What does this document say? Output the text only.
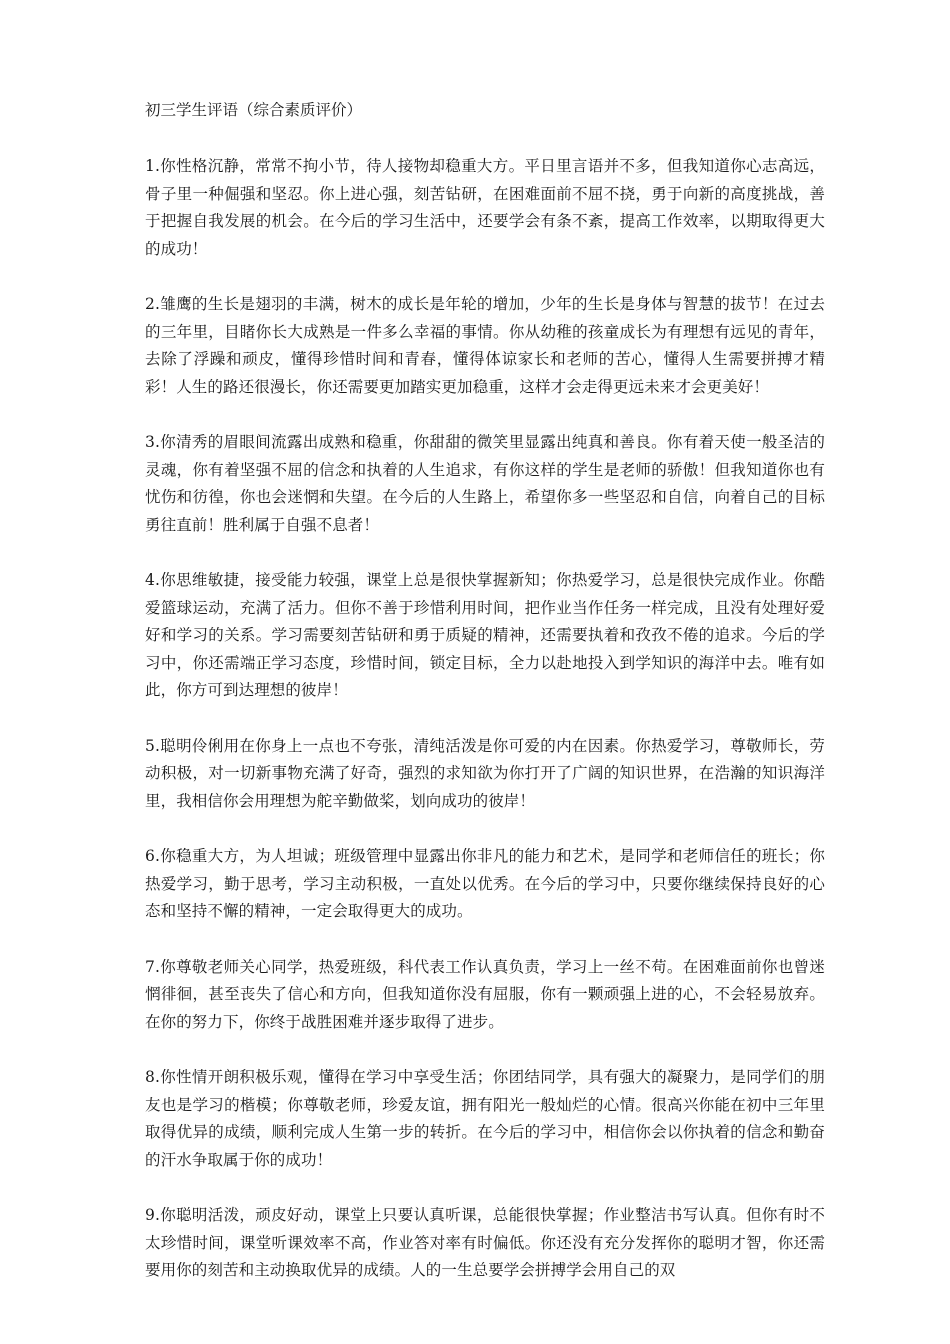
初三学生评语（综合素质评价）

1.你性格沉静，常常不拘小节，待人接物却稳重大方。平日里言语并不多，但我知道你心志高远，骨子里一种倔强和坚忍。你上进心强，刻苦钻研，在困难面前不屈不挠，勇于向新的高度挑战，善于把握自我发展的机会。在今后的学习生活中，还要学会有条不紊，提高工作效率，以期取得更大的成功！

2.雏鹰的生长是翅羽的丰满，树木的成长是年轮的增加，少年的生长是身体与智慧的拔节！在过去的三年里，目睹你长大成熟是一件多么幸福的事情。你从幼稚的孩童成长为有理想有远见的青年，去除了浮躁和顽皮，懂得珍惜时间和青春，懂得体谅家长和老师的苦心，懂得人生需要拼搏才精彩！人生的路还很漫长，你还需要更加踏实更加稳重，这样才会走得更远未来才会更美好！

3.你清秀的眉眼间流露出成熟和稳重，你甜甜的微笑里显露出纯真和善良。你有着天使一般圣洁的灵魂，你有着坚强不屈的信念和执着的人生追求，有你这样的学生是老师的骄傲！但我知道你也有忧伤和彷徨，你也会迷惘和失望。在今后的人生路上，希望你多一些坚忍和自信，向着自己的目标勇往直前！胜利属于自强不息者！

4.你思维敏捷，接受能力较强，课堂上总是很快掌握新知；你热爱学习，总是很快完成作业。你酷爱篮球运动，充满了活力。但你不善于珍惜利用时间，把作业当作任务一样完成，且没有处理好爱好和学习的关系。学习需要刻苦钻研和勇于质疑的精神，还需要执着和孜孜不倦的追求。今后的学习中，你还需端正学习态度，珍惜时间，锁定目标，全力以赴地投入到学知识的海洋中去。唯有如此，你方可到达理想的彼岸！

5.聪明伶俐用在你身上一点也不夸张，清纯活泼是你可爱的内在因素。你热爱学习，尊敬师长，劳动积极，对一切新事物充满了好奇，强烈的求知欲为你打开了广阔的知识世界，在浩瀚的知识海洋里，我相信你会用理想为舵辛勤做桨，划向成功的彼岸！

6.你稳重大方，为人坦诚；班级管理中显露出你非凡的能力和艺术，是同学和老师信任的班长；你热爱学习，勤于思考，学习主动积极，一直处以优秀。在今后的学习中，只要你继续保持良好的心态和坚持不懈的精神，一定会取得更大的成功。

7.你尊敬老师关心同学，热爱班级，科代表工作认真负责，学习上一丝不苟。在困难面前你也曾迷惘徘徊，甚至丧失了信心和方向，但我知道你没有屈服，你有一颗顽强上进的心，不会轻易放弃。在你的努力下，你终于战胜困难并逐步取得了进步。

8.你性情开朗积极乐观，懂得在学习中享受生活；你团结同学，具有强大的凝聚力，是同学们的朋友也是学习的楷模；你尊敬老师，珍爱友谊，拥有阳光一般灿烂的心情。很高兴你能在初中三年里取得优异的成绩，顺利完成人生第一步的转折。在今后的学习中，相信你会以你执着的信念和勤奋的汗水争取属于你的成功！

9.你聪明活泼，顽皮好动，课堂上只要认真听课，总能很快掌握；作业整洁书写认真。但你有时不太珍惜时间，课堂听课效率不高，作业答对率有时偏低。你还没有充分发挥你的聪明才智，你还需要用你的刻苦和主动换取优异的成绩。人的一生总要学会拼搏学会用自己的双
